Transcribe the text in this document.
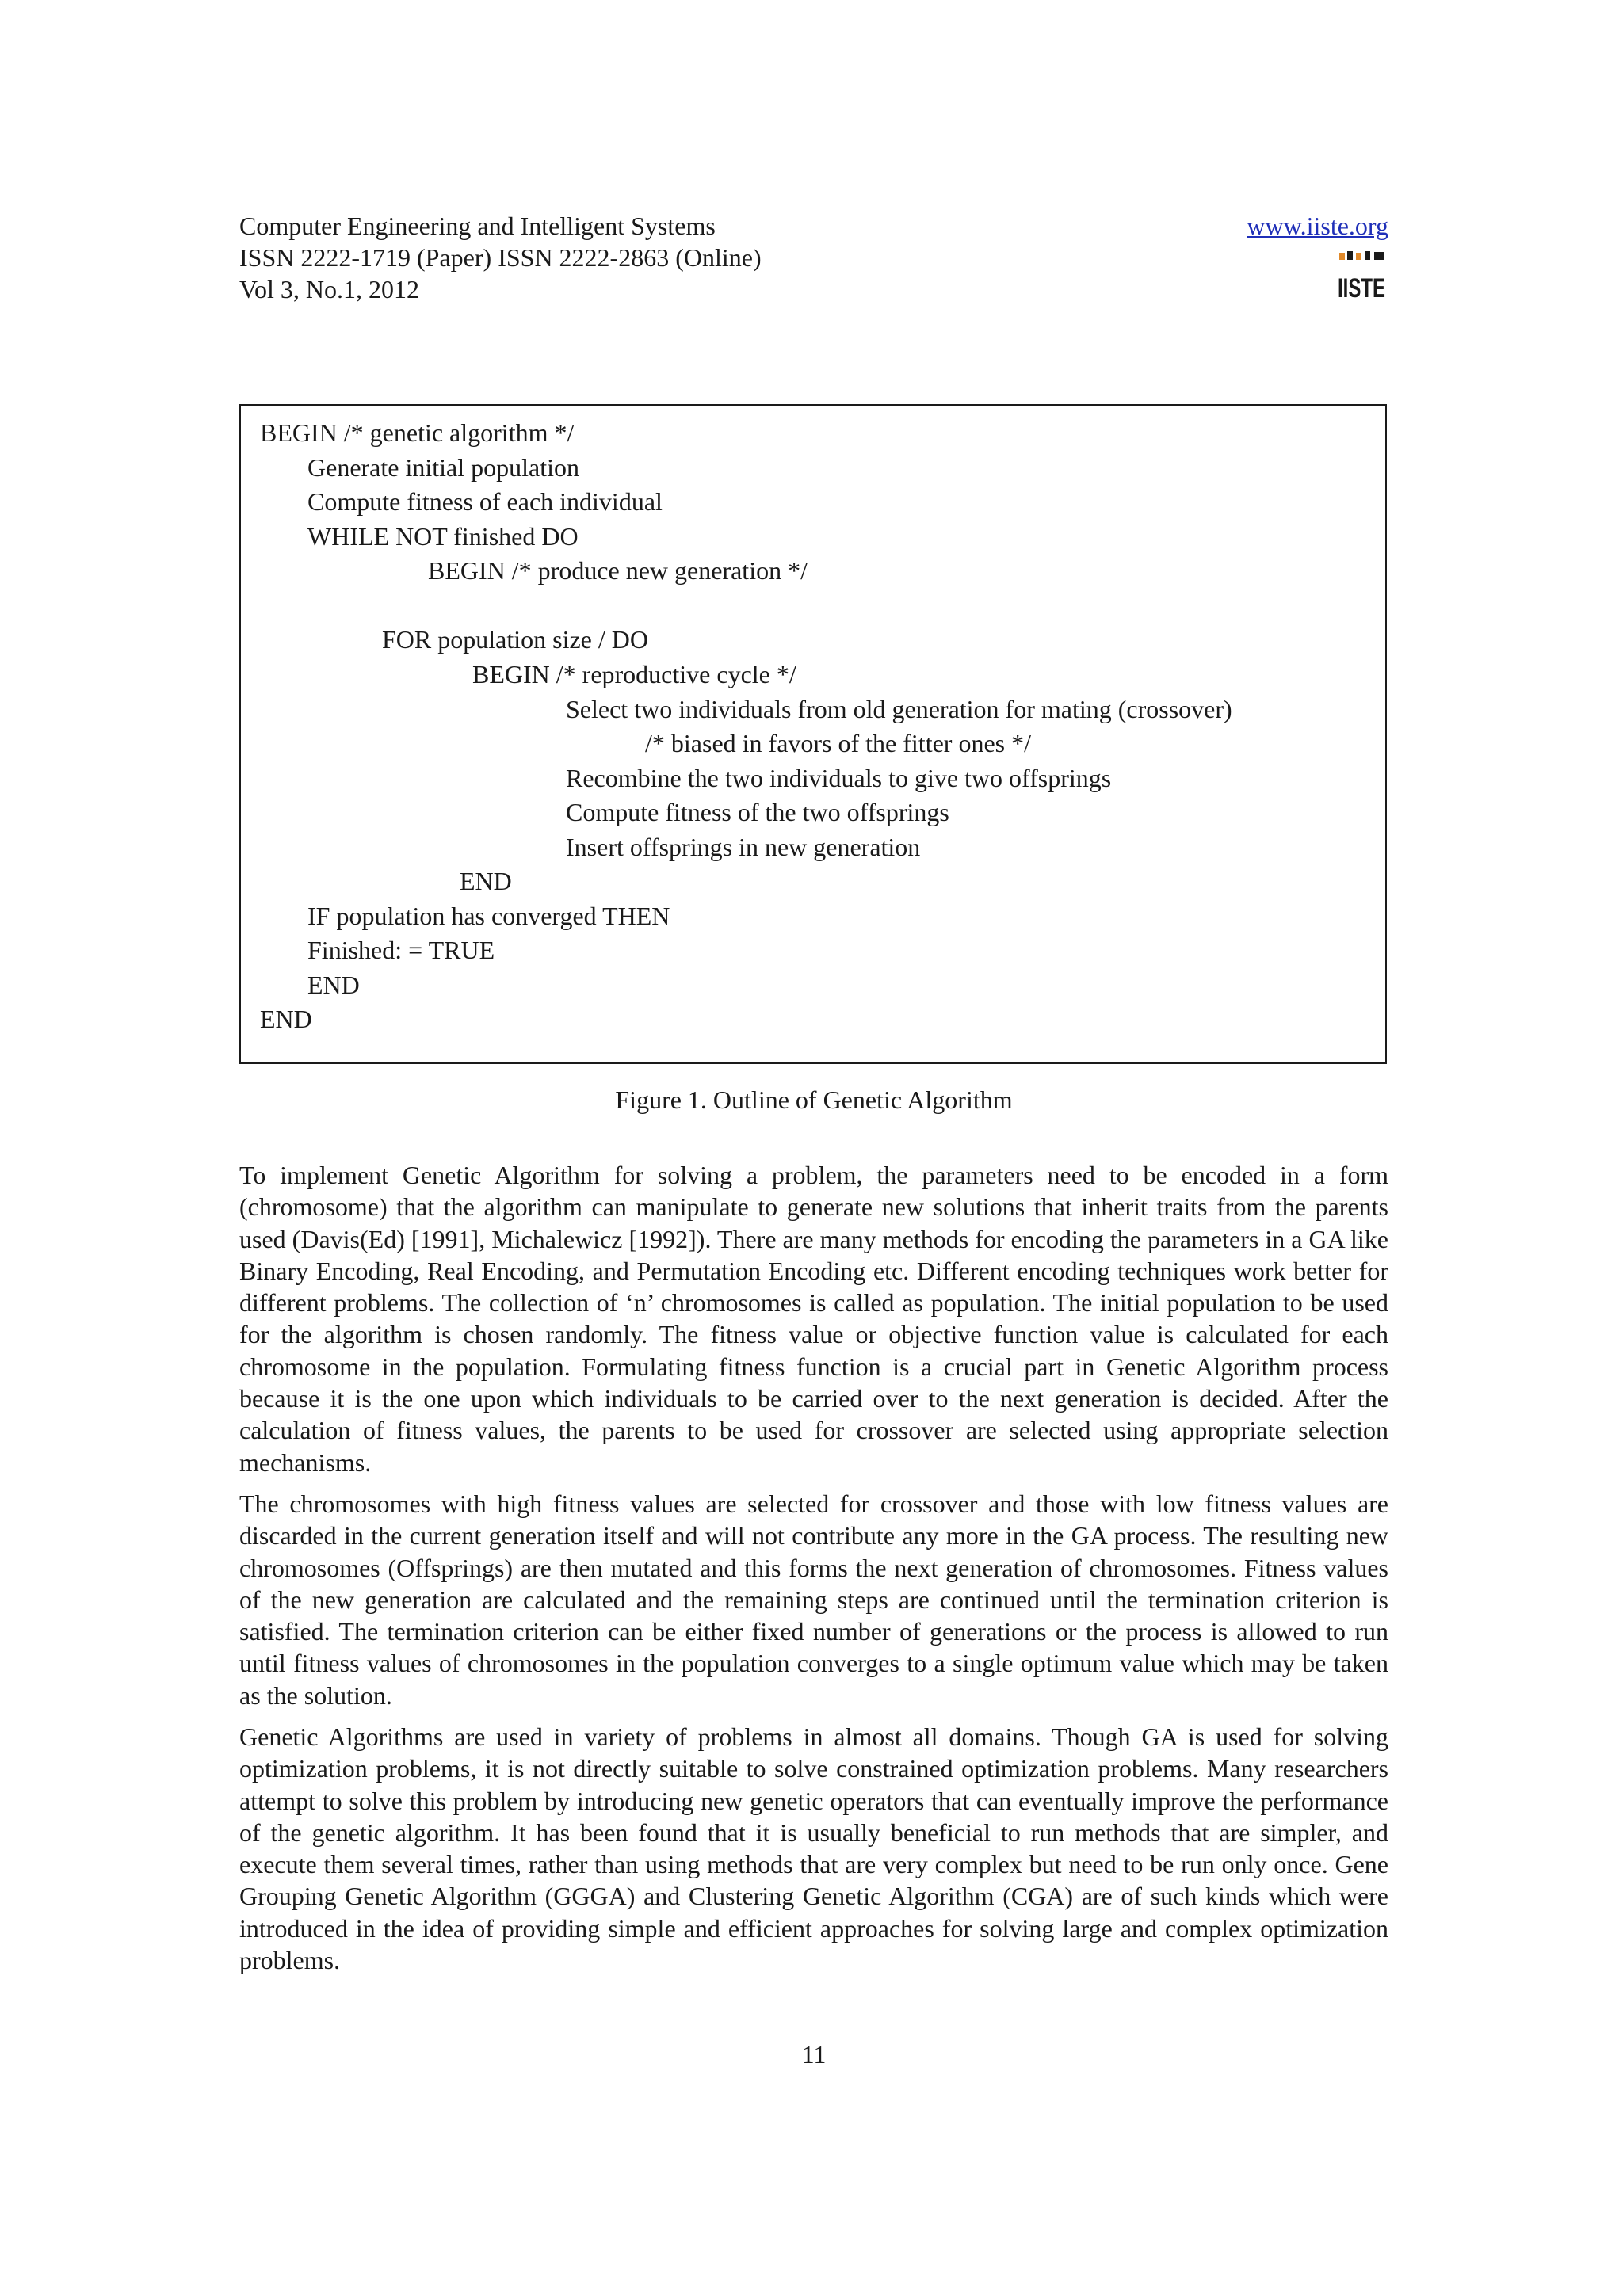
Computer Engineering and Intelligent Systems
ISSN 2222-1719 (Paper) ISSN 2222-2863 (Online)
Vol 3, No.1, 2012
www.iiste.org
IISTE
BEGIN /* genetic algorithm */
Generate initial population
Compute fitness of each individual
WHILE NOT finished DO
BEGIN /* produce new generation */
FOR population size / DO
BEGIN /* reproductive cycle */
Select two individuals from old generation for mating (crossover)
/* biased in favors of the fitter ones */
Recombine the two individuals to give two offsprings
Compute fitness of the two offsprings
Insert offsprings in new generation
END
IF population has converged THEN
Finished: = TRUE
END
END
Figure 1. Outline of Genetic Algorithm

To implement Genetic Algorithm for solving a problem, the parameters need to be encoded in a form (chromosome) that the algorithm can manipulate to generate new solutions that inherit traits from the parents used (Davis(Ed) [1991], Michalewicz [1992]). There are many methods for encoding the parameters in a GA like Binary Encoding, Real Encoding, and Permutation Encoding etc. Different encoding techniques work better for different problems. The collection of ‘n’ chromosomes is called as population. The initial population to be used for the algorithm is chosen randomly. The fitness value or objective function value is calculated for each chromosome in the population. Formulating fitness function is a crucial part in Genetic Algorithm process because it is the one upon which individuals to be carried over to the next generation is decided. After the calculation of fitness values, the parents to be used for crossover are selected using appropriate selection mechanisms.

The chromosomes with high fitness values are selected for crossover and those with low fitness values are discarded in the current generation itself and will not contribute any more in the GA process. The resulting new chromosomes (Offsprings) are then mutated and this forms the next generation of chromosomes. Fitness values of the new generation are calculated and the remaining steps are continued until the termination criterion is satisfied. The termination criterion can be either fixed number of generations or the process is allowed to run until fitness values of chromosomes in the population converges to a single optimum value which may be taken as the solution.

Genetic Algorithms are used in variety of problems in almost all domains. Though GA is used for solving optimization problems, it is not directly suitable to solve constrained optimization problems. Many researchers attempt to solve this problem by introducing new genetic operators that can eventually improve the performance of the genetic algorithm. It has been found that it is usually beneficial to run methods that are simpler, and execute them several times, rather than using methods that are very complex but need to be run only once. Gene Grouping Genetic Algorithm (GGGA) and Clustering Genetic Algorithm (CGA) are of such kinds which were introduced in the idea of providing simple and efficient approaches for solving large and complex optimization problems.

11
